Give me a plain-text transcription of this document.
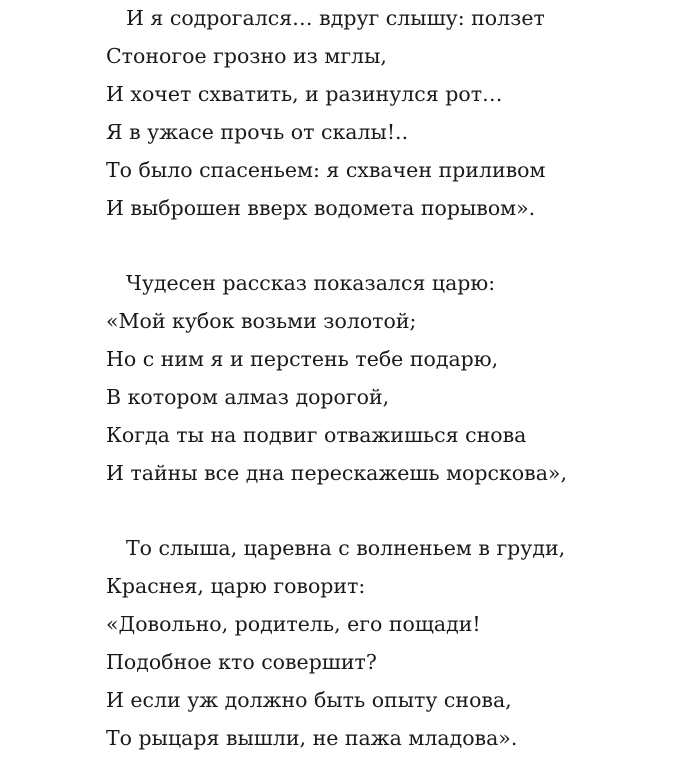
И я содрогался… вдруг слышу: ползет
Стоногое грозно из мглы,
И хочет схватить, и разинулся рот…
Я в ужасе прочь от скалы!..
То было спасеньем: я схвачен приливом
И выброшен вверх водомета порывом».
Чудесен рассказ показался царю:
«Мой кубок возьми золотой;
Но с ним я и перстень тебе подарю,
В котором алмаз дорогой,
Когда ты на подвиг отважишься снова
И тайны все дна перескажешь морскова»,
То слыша, царевна с волненьем в груди,
Краснея, царю говорит:
«Довольно, родитель, его пощади!
Подобное кто совершит?
И если уж должно быть опыту снова,
То рыцаря вышли, не пажа младова».
